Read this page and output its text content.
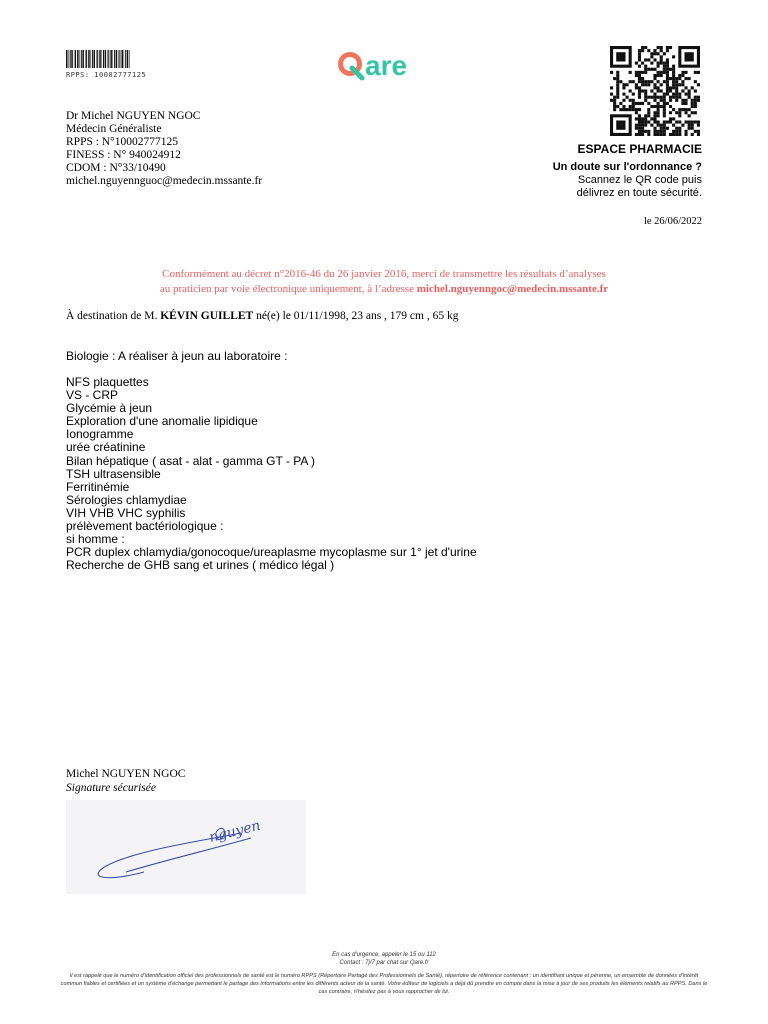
RPPS: 10002777125	are
Dr Michel NGUYEN NGOC
Médecin Généraliste
RPPS : N°10002777125
FINESS : N° 940024912
CDOM : N°33/10490
michel.nguyennguoc@medecin.mssante.fr
ESPACE PHARMACIE
Un doute sur l'ordonnance ?
Scannez le QR code puis
délivrez en toute sécurité.
le 26/06/2022
Conformément au décret n°2016-46 du 26 janvier 2016, merci de transmettre les résultats d’analyses
au praticien par voie électronique uniquement, à l’adresse michel.nguyenngoc@medecin.mssante.fr
À destination de M. KÉVIN GUILLET né(e) le 01/11/1998, 23 ans , 179 cm , 65 kg
Biologie : A réaliser à jeun au laboratoire :
NFS plaquettes
VS - CRP
Glycémie à jeun
Exploration d'une anomalie lipidique
Ionogramme
urée créatinine
Bilan hépatique ( asat - alat - gamma GT - PA )
TSH ultrasensible
Ferritinémie
Sérologies chlamydiae
VIH VHB VHC syphilis
prélèvement bactériologique :
si homme :
PCR duplex chlamydia/gonocoque/ureaplasme mycoplasme sur 1° jet d'urine
Recherche de GHB sang et urines ( médico légal )
Michel NGUYEN NGOC
Signature sécurisée
nguyen
En cas d'urgence, appeler le 15 ou 112
Contact : 7j/7 par chat sur Qare.fr
Il est rappelé que le numéro d'identification officiel des professionnels de santé est le numéro RPPS (Répertoire Partagé des Professionnels de Santé), répertoire de référence contenant : un identifiant unique et pérenne, un ensemble de données d'intérêt commun fiables et certifiées et un système d'échange permettant le partage des informations entre les différents acteur de la santé. Votre éditeur de logiciels a déjà dû prendre en compte dans la mise à jour de ses produits les éléments relatifs au RPPS. Dans le cas contraire, n'hésitez pas à vous rapprocher de lui.
